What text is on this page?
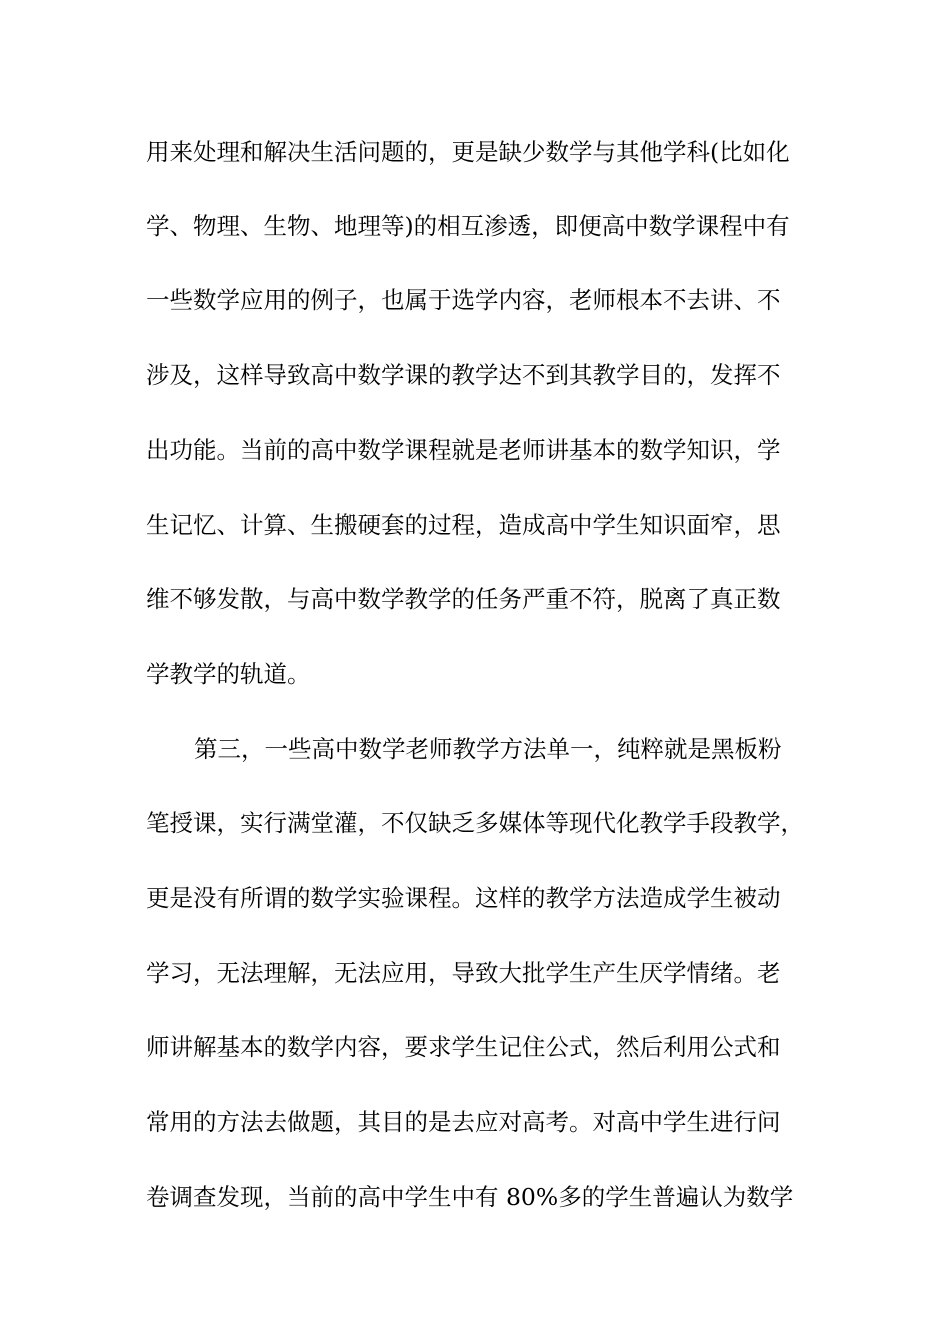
用来处理和解决生活问题的，更是缺少数学与其他学科(比如化
学、物理、生物、地理等)的相互渗透，即便高中数学课程中有
一些数学应用的例子，也属于选学内容，老师根本不去讲、不
涉及，这样导致高中数学课的教学达不到其教学目的，发挥不
出功能。当前的高中数学课程就是老师讲基本的数学知识，学
生记忆、计算、生搬硬套的过程，造成高中学生知识面窄，思
维不够发散，与高中数学教学的任务严重不符，脱离了真正数
学教学的轨道。
第三，一些高中数学老师教学方法单一，纯粹就是黑板粉
笔授课，实行满堂灌，不仅缺乏多媒体等现代化教学手段教学，
更是没有所谓的数学实验课程。这样的教学方法造成学生被动
学习，无法理解，无法应用，导致大批学生产生厌学情绪。老
师讲解基本的数学内容，要求学生记住公式，然后利用公式和
常用的方法去做题，其目的是去应对高考。对高中学生进行问
卷调查发现，当前的高中学生中有 80%多的学生普遍认为数学
